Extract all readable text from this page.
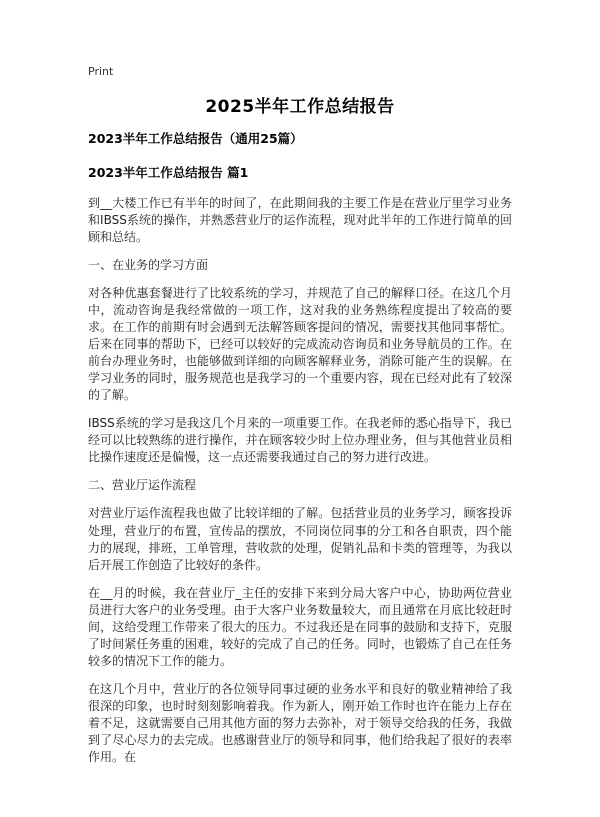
Print
2025半年工作总结报告
2023半年工作总结报告（通用25篇）
2023半年工作总结报告 篇1

到__大楼工作已有半年的时间了，在此期间我的主要工作是在营业厅里学习业务和IBSS系统的操作，并熟悉营业厅的运作流程，现对此半年的工作进行简单的回顾和总结。

一、在业务的学习方面

对各种优惠套餐进行了比较系统的学习，并规范了自己的解释口径。在这几个月中，流动咨询是我经常做的一项工作，这对我的业务熟练程度提出了较高的要求。在工作的前期有时会遇到无法解答顾客提问的情况，需要找其他同事帮忙。后来在同事的帮助下，已经可以较好的完成流动咨询员和业务导航员的工作。在前台办理业务时，也能够做到详细的向顾客解释业务，消除可能产生的误解。在学习业务的同时，服务规范也是我学习的一个重要内容，现在已经对此有了较深的了解。

IBSS系统的学习是我这几个月来的一项重要工作。在我老师的悉心指导下，我已经可以比较熟练的进行操作，并在顾客较少时上位办理业务，但与其他营业员相比操作速度还是偏慢，这一点还需要我通过自己的努力进行改进。

二、营业厅运作流程

对营业厅运作流程我也做了比较详细的了解。包括营业员的业务学习，顾客投诉处理，营业厅的布置，宣传品的摆放，不同岗位同事的分工和各自职责，四个能力的展现，排班，工单管理，营收款的处理，促销礼品和卡类的管理等，为我以后开展工作创造了比较好的条件。

在__月的时候，我在营业厅_主任的安排下来到分局大客户中心，协助两位营业员进行大客户的业务受理。由于大客户业务数量较大，而且通常在月底比较赶时间，这给受理工作带来了很大的压力。不过我还是在同事的鼓励和支持下，克服了时间紧任务重的困难，较好的完成了自己的任务。同时，也锻炼了自己在任务较多的情况下工作的能力。

在这几个月中，营业厅的各位领导同事过硬的业务水平和良好的敬业精神给了我很深的印象，也时时刻刻影响着我。作为新人，刚开始工作时也许在能力上存在着不足，这就需要自己用其他方面的努力去弥补，对于领导交给我的任务，我做到了尽心尽力的去完成。也感谢营业厅的领导和同事，他们给我起了很好的表率作用。在
